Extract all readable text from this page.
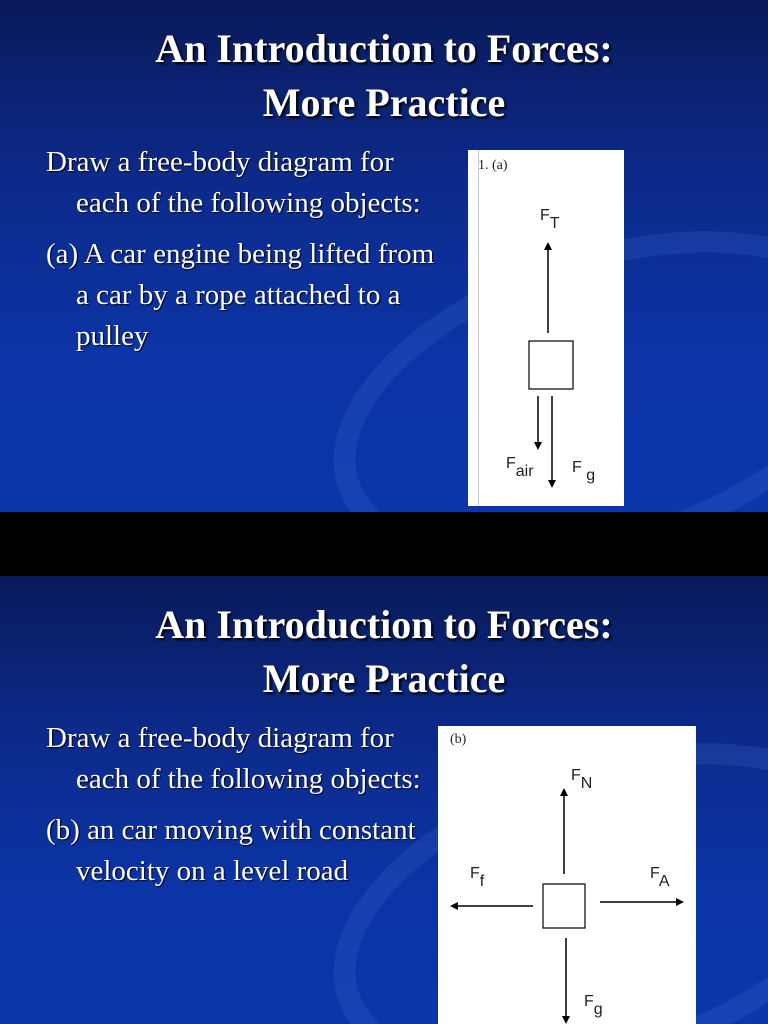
An Introduction to Forces:
More Practice

Draw a free-body diagram for each of the following objects:

(a) A car engine being lifted from a car by a rope attached to a pulley

1. (a)
FT
Fair F g
An Introduction to Forces:
More Practice

Draw a free-body diagram for each of the following objects:

(b) an car moving with constant velocity on a level road

(b)
FN
Ff	FA
Fg
